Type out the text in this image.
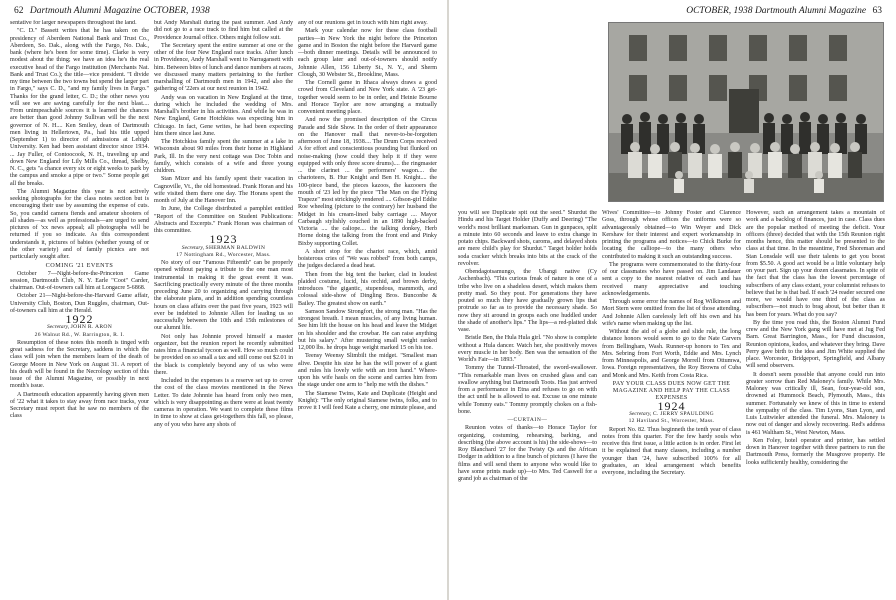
62 Dartmouth Alumni Magazine OCTOBER, 1938

sentative for larger newspapers throughout the land.

"C. D." Bassett writes that he has taken on the presidency of Aberdeen National Bank and Trust Co., Aberdeen, So. Dak., along with the Fargo, No. Dak., bank (where he's been for some time). Clarke is very modest about the thing; we have an idea he's the real executive head of the Fargo institution (Merchants Nat. Bank and Trust Co.); the title—vice president. "I divide my time between the two towns but spend the larger part in Fargo," says C. D., "and my family lives in Fargo." Thanks for the grand letter, C. D.; the other news you will see we are saving carefully for the next blast.... From unimpeachable sources it is learned the chances are better than good Johnny Sullivan will be the next governor of N. H.... Ken Smiley, dean of Dartmouth men living in Hellertown, Pa., had his title upped (September 1) to director of admissions at Lehigh University. Ken had been assistant director since 1934. ... Jay Fuller, of Contoocook, N. H., traveling up and down New England for Lily Mills Co., thread, Shelby, N. C., gets "a chance every six or eight weeks to park by the campus and smoke a pipe or two." Some people get all the breaks.

The Alumni Magazine this year is not actively seeking photographs for the class notes section but is encouraging their use by assuming the expense of cuts. So, you candid camera fiends and amateur shooters of all shades—as well as professionals—are urged to send pictures of 'xx news appeal; all photographs will be returned if you so indicate. As this correspondent understands it, pictures of babies (whether young of or the other variety) and of family picnics are not particularly sought after.

COMING '21 EVENTS

October 7—Night-before-the-Princeton Game session, Dartmouth Club, N. Y. Earle "Coot" Carder, chairman. Out-of-towners call him at Longacre 5-6868.

October 21—Night-before-the-Harvard Game affair, University Club, Boston, Dun Ruggles, chairman, Out-of-towners call him at the Herald.

1922

Secretary, JOHN R. ARON
26 Walnut Rd., W. Barrington, R. I.

Resumption of these notes this month is tinged with great sadness for the Secretary, saddens in which the class will join when the members learn of the death of George Moore in New York on August 31. A report of his death will be found in the Necrology section of this issue of the Alumni Magazine, or possibly in next month's issue.

A Dartmouth education apparently having given men of '22 what it takes to stay away from race tracks, your Secretary must report that he saw no members of the class

but Andy Marshall during the past summer. And Andy did not go to a race track to find him but called at the Providence Journal office. Others might follow suit.

The Secretary spent the entire summer at one or the other of the four New England race tracks. After lunch in Providence, Andy Marshall went to Narragansett with him. Between bites of lunch and dance numbers at races, we discussed many matters pertaining to the further marshalling of Dartmouth men in 1942, and also the gathering of '22ers at our next reunion in 1942.

Andy was on vacation in New England at the time, during which he included the wedding of Mrs. Marshall's brother in his activities. And while he was in New England, Gene Hotchkiss was expecting him in Chicago. In fact, Gene writes, he had been expecting him there since last June.

The Hotchkiss family spent the summer at a lake in Wisconsin about 90 miles from their home in Highland Park, Ill. In the very next cottage was Doc Tobin and family, which consists of a wife and three young children.

Stan Mizer and his family spent their vacation in Cagnoville, Vt., the old homestead. Frank Horan and his wife visited them there one day. The Horans spent the month of July at the Hanover Inn.

In June, the College distributed a pamphlet entitled "Report of the Committee on Student Publications: Abstracts and Excerpts." Frank Horan was chairman of this committee.

1923

Secretary, SHERMAN BALDWIN
17 Nottingham Rd., Worcester, Mass.

No story of our "Famous Fifteenth" can be properly opened without paying a tribute to the one man most instrumental in making it the great event it was. Sacrificing practically every minute of the three months preceding June 20 to organizing and carrying through the elaborate plans, and in addition spending countless hours on class affairs over the past five years, 1923 will ever be indebted to Johnnie Allen for leading us so successfully between the 10th and 15th milestones of our alumni life.

Not only has Johnnie proved himself a master organizer, but the reunion report he recently submitted rates him a financial tycoon as well. How so much could be provided on so small a tax and still come out $2.01 in the black is completely beyond any of us who were there.

Included in the expenses is a reserve set up to cover the cost of the class movies mentioned in the News Letter. To date Johnnie has heard from only two men, which is very disappointing as there were at least twenty cameras in operation. We want to complete these films in time to show at class get-togethers this fall, so please, any of you who have any shots of

any of our reunions get in touch with him right away.

Mark your calendar now for these class football parties—in New York the night before the Princeton game and in Boston the night before the Harvard game—both dinner meetings. Details will be announced to each group later and out-of-towners should notify Johnnie Allen, 156 Liberty St., N. Y., and Sherm Clough, 30 Webster St., Brookline, Mass.

The Cornell game in Ithaca always draws a good crowd from Cleveland and New York state. A '23 get-together would seem to be in order, and Heinie Bourne and Horace Taylor are now arranging a mutually convenient meeting place.

And now the promised description of the Circus Parade and Side Show. In the order of their appearance on the Hanover mall that never-to-be-forgotten afternoon of June 18, 1938.... The Drum Corps received A for effort and conscientious pounding but flunked on noise-making (how could they help it if they were equipped with only three score drums).... the ringmaster ... the clarinet ... the performers' wagon.... the charioteers, B. Hur Knight and Ben H. Knight.... the 100-piece band, the pieces kazoos, the kazooers the mouth of '23 led by the piece "The Man on the Flying Trapeze" most strickingly rendered .... Gibson-girl Eddie Roe wheeling (picture to the contrary) her husband the Midget in his cream-lined baby carriage .... Mayor Carbaugh stylishly couched in an 1890 high-backed Victoria .... the caliope.... the talking donkey, Herb Horne doing the talking from the front end and Pinky Bixby supporting Collet.

A short stop for the chariot race, which, amid boisterous cries of "We was robbed" from both camps, the judges declared a dead heat.

Then from the big tent the barker, clad in loudest plaided costume, lucid, his orchid, and brown derby, introduces "the gigantic, stupendous, mammoth, and colossal side-show of Dingling Bros. Bunconbe & Bailey. The greatest show on earth."

Samson Sandow Strongfort, the strong man. "Has the strongest breath. I mean muscles, of any living human. See him lift the house on his head and leave the Midget on his shoulder and the crowbar. He can raise anything but his salary." After mustering small weight ranked 12,000 lbs. he drops huge weight marked 15 on his toe.

Teensy Weensy Slimbilt the midget. "Smallest man alive. Despite his size he has the will power of a giant and rules his lovely wife with an iron hand." Where-upon his wife hauls on the scene and carries him from the stage under one arm to "help me with the dishes."

The Siamese Twins, Kate and Duplicate (Height and Knight): "The only original Siamese twins, folks, and to prove it I will feed Kate a cherry, one minute please, and

OCTOBER, 1938 Dartmouth Alumni Magazine 63

you will see Duplicate spit out the seed." Shurdut the Hindu and his Target Holder (Duffy and Deering) "The world's most brilliant marksman. Gun in gunpaces, split a minute into 60 seconds and leave to extra change in potato chips. Backward shots, caroms, and delayed shots are mere child's play for Shurdut." Target holder holds soda cracker which breaks into bits at the crack of the revolver.

Obendagotsamungo, the Ubangi native (Cy Aschenbach). "This curious freak of nature is one of a tribe who live on a shadeless desert, which makes them pretty mad. So they pout. For generations they have pouted so much they have gradually grown lips that protrude so far as to provide the necessary shade. So now they sit around in groups each one huddled under the shade of another's lips." The lips—a red-plaited disk vase.

Bristle Ben, the Hula Hula girl. "No show is complete without a Hula dancer. Watch her, she positively moves every muscle in her body. Ben was the sensation of the World's Fair—in 1893."

Tommy the Tunnel-Throated, the sword-swallower. "This remarkable man lives on crushed glass and can swallow anything but Dartmouth Toots. Has just arrived from a performance in Etna and refuses to go on with the act until he is allowed to eat. Excuse us one minute while Tommy eats." Tommy promptly chokes on a fish-bone.

—CURTAIN—

Reunion votes of thanks—to Horace Taylor for organizing, costuming, rehearsing, barking, and describing (the above account is his) the side-shows—to Roy Blanchard '27 for the Twisty Qs and the African Dodger in addition to a fine bunch of pictures (I have the films and will send them to anyone who would like to have some prints made up)—to Mrs. Ted Caswell for a grand job as chairman of the

Wives' Committee—to Johnny Foster and Clarence Goss, through whose offices the uniforms were so advantageously obtained—to Win Weyer and Dick Kershaw for their interest and expert workmanship in printing the programs and notices—to Chick Burke for locating the calliope—to the many others who contributed to making it such an outstanding success.

The programs were commemorated to the thirty-four of our classmates who have passed on. Jim Landauer sent a copy to the nearest relative of each and has received many appreciative and touching acknowledgements.

Through some error the names of Rog Wilkinson and Mort Stern were omitted from the list of those attending. And Johnnie Allen carelessly left off his own and his wife's name when making up the list.

Without the aid of a globe and slide rule, the long distance honors would seem to go to the Nate Carvers from Bellingham, Wash. Runner-up honors to Tex and Mrs. Sebring from Fort Worth, Eddie and Mrs. Lynch from Minneapolis, and George Morrell from Ottumwa, Iowa. Foreign representatives, the Roy Browns of Cuba and Monk and Mrs. Keith from Costa Rica.

PAY YOUR CLASS DUES NOW GET THE MAGAZINE AND HELP PAY THE CLASS EXPENSES

1924

Secretary, C. JERRY SPAULDING
12 Haviland St., Worcester, Mass.

Report No. 82. Thus beginneth the tenth year of class notes from this quarter. For the few hardy souls who receive this first issue, a little action is in order. First let it be explained that many classes, including a number younger than '24, have subscribed 100% for all graduates, an ideal arrangement which benefits everyone, including the Secretary.

However, such an arrangement takes a mountain of work and a backlog of finances, just in case. Class dues are the popular method of meeting the deficit. Your officers (three) decided that with the 15th Reunion right months hence, this matter should be presented to the class at that time. In the meantime, Fred Shoreman and Stan Lonsdale will use their talents to get you boost from $5.50. A good act would be a little voluntary help on your part. Sign up your dozen classmates. In spite of the fact that the class has the lowest percentage of subscribers of any class extant, your columnist refuses to believe that he is that bad. If each '24 reader secured one more, we would have one third of the class as subscribers—not much to brag about, but better than it has been for years. What do you say?

By the time you read this, the Boston Alumni Fund crew and the New York gang will have met at Jug Fed Barn. Great Barrington, Mass., for Fund discussion, Reunion opinions, kudos, and whatever they bring. Dave Perry gave birth to the idea and Jim White supplied the place. Worcester, Bridgeport, Springfield, and Albany will send observers.

It doesn't seem possible that anyone could run into greater sorrow than Red Maloney's family. While Mrs. Maloney was critically ill, Sean, four-year-old son, drowned at Hummock Beach, Plymouth, Mass., this summer. Fortunately we knew of this in time to extend the sympathy of the class. Tim Lyons, Stan Lyon, and Luis Luitwieler attended the funeral. Mrs. Maloney is now out of danger and slowly recovering. Red's address is 461 Waltham St., West Newton, Mass.

Ken Foley, hotel operator and printer, has settled down in Hanover together with three partners to run the Dartmouth Press, formerly the Musgrove property. He looks sufficiently healthy, considering the
